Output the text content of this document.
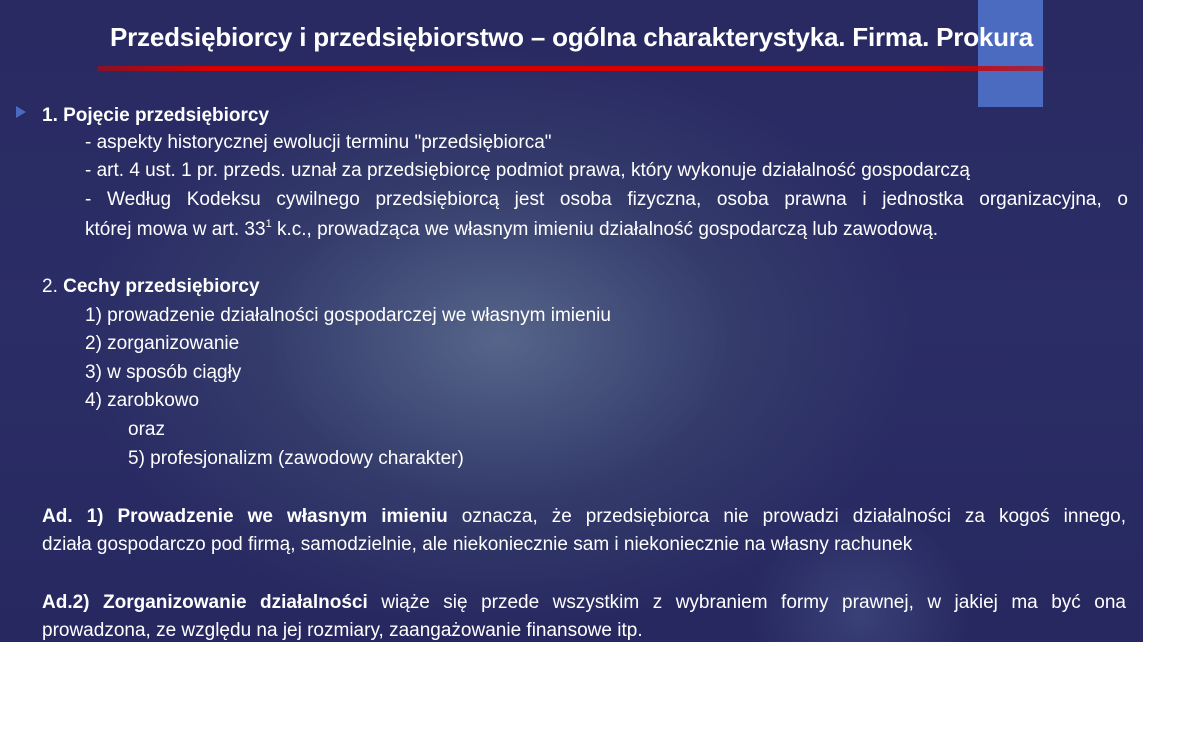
Przedsiębiorcy i przedsiębiorstwo – ogólna charakterystyka. Firma. Prokura
1. Pojęcie przedsiębiorcy
- aspekty historycznej ewolucji terminu "przedsiębiorca"
- art. 4 ust. 1 pr. przeds. uznał za przedsiębiorcę podmiot prawa, który wykonuje działalność gospodarczą
- Według Kodeksu cywilnego przedsiębiorcą jest osoba fizyczna, osoba prawna i jednostka organizacyjna, o
której mowa w art. $33^1$ k.c., prowadząca we własnym imieniu działalność gospodarczą lub zawodową.
2. Cechy przedsiębiorcy
1) prowadzenie działalności gospodarczej we własnym imieniu
2) zorganizowanie
3) w sposób ciągły
4) zarobkowo
oraz
5) profesjonalizm (zawodowy charakter)
Ad. 1) Prowadzenie we własnym imieniu oznacza, że przedsiębiorca nie prowadzi działalności za kogoś innego,
działa gospodarczo pod firmą, samodzielnie, ale niekoniecznie sam i niekoniecznie na własny rachunek
Ad.2) Zorganizowanie działalności wiąże się przede wszystkim z wybraniem formy prawnej, w jakiej ma być ona
prowadzona, ze względu na jej rozmiary, zaangażowanie finansowe itp.
